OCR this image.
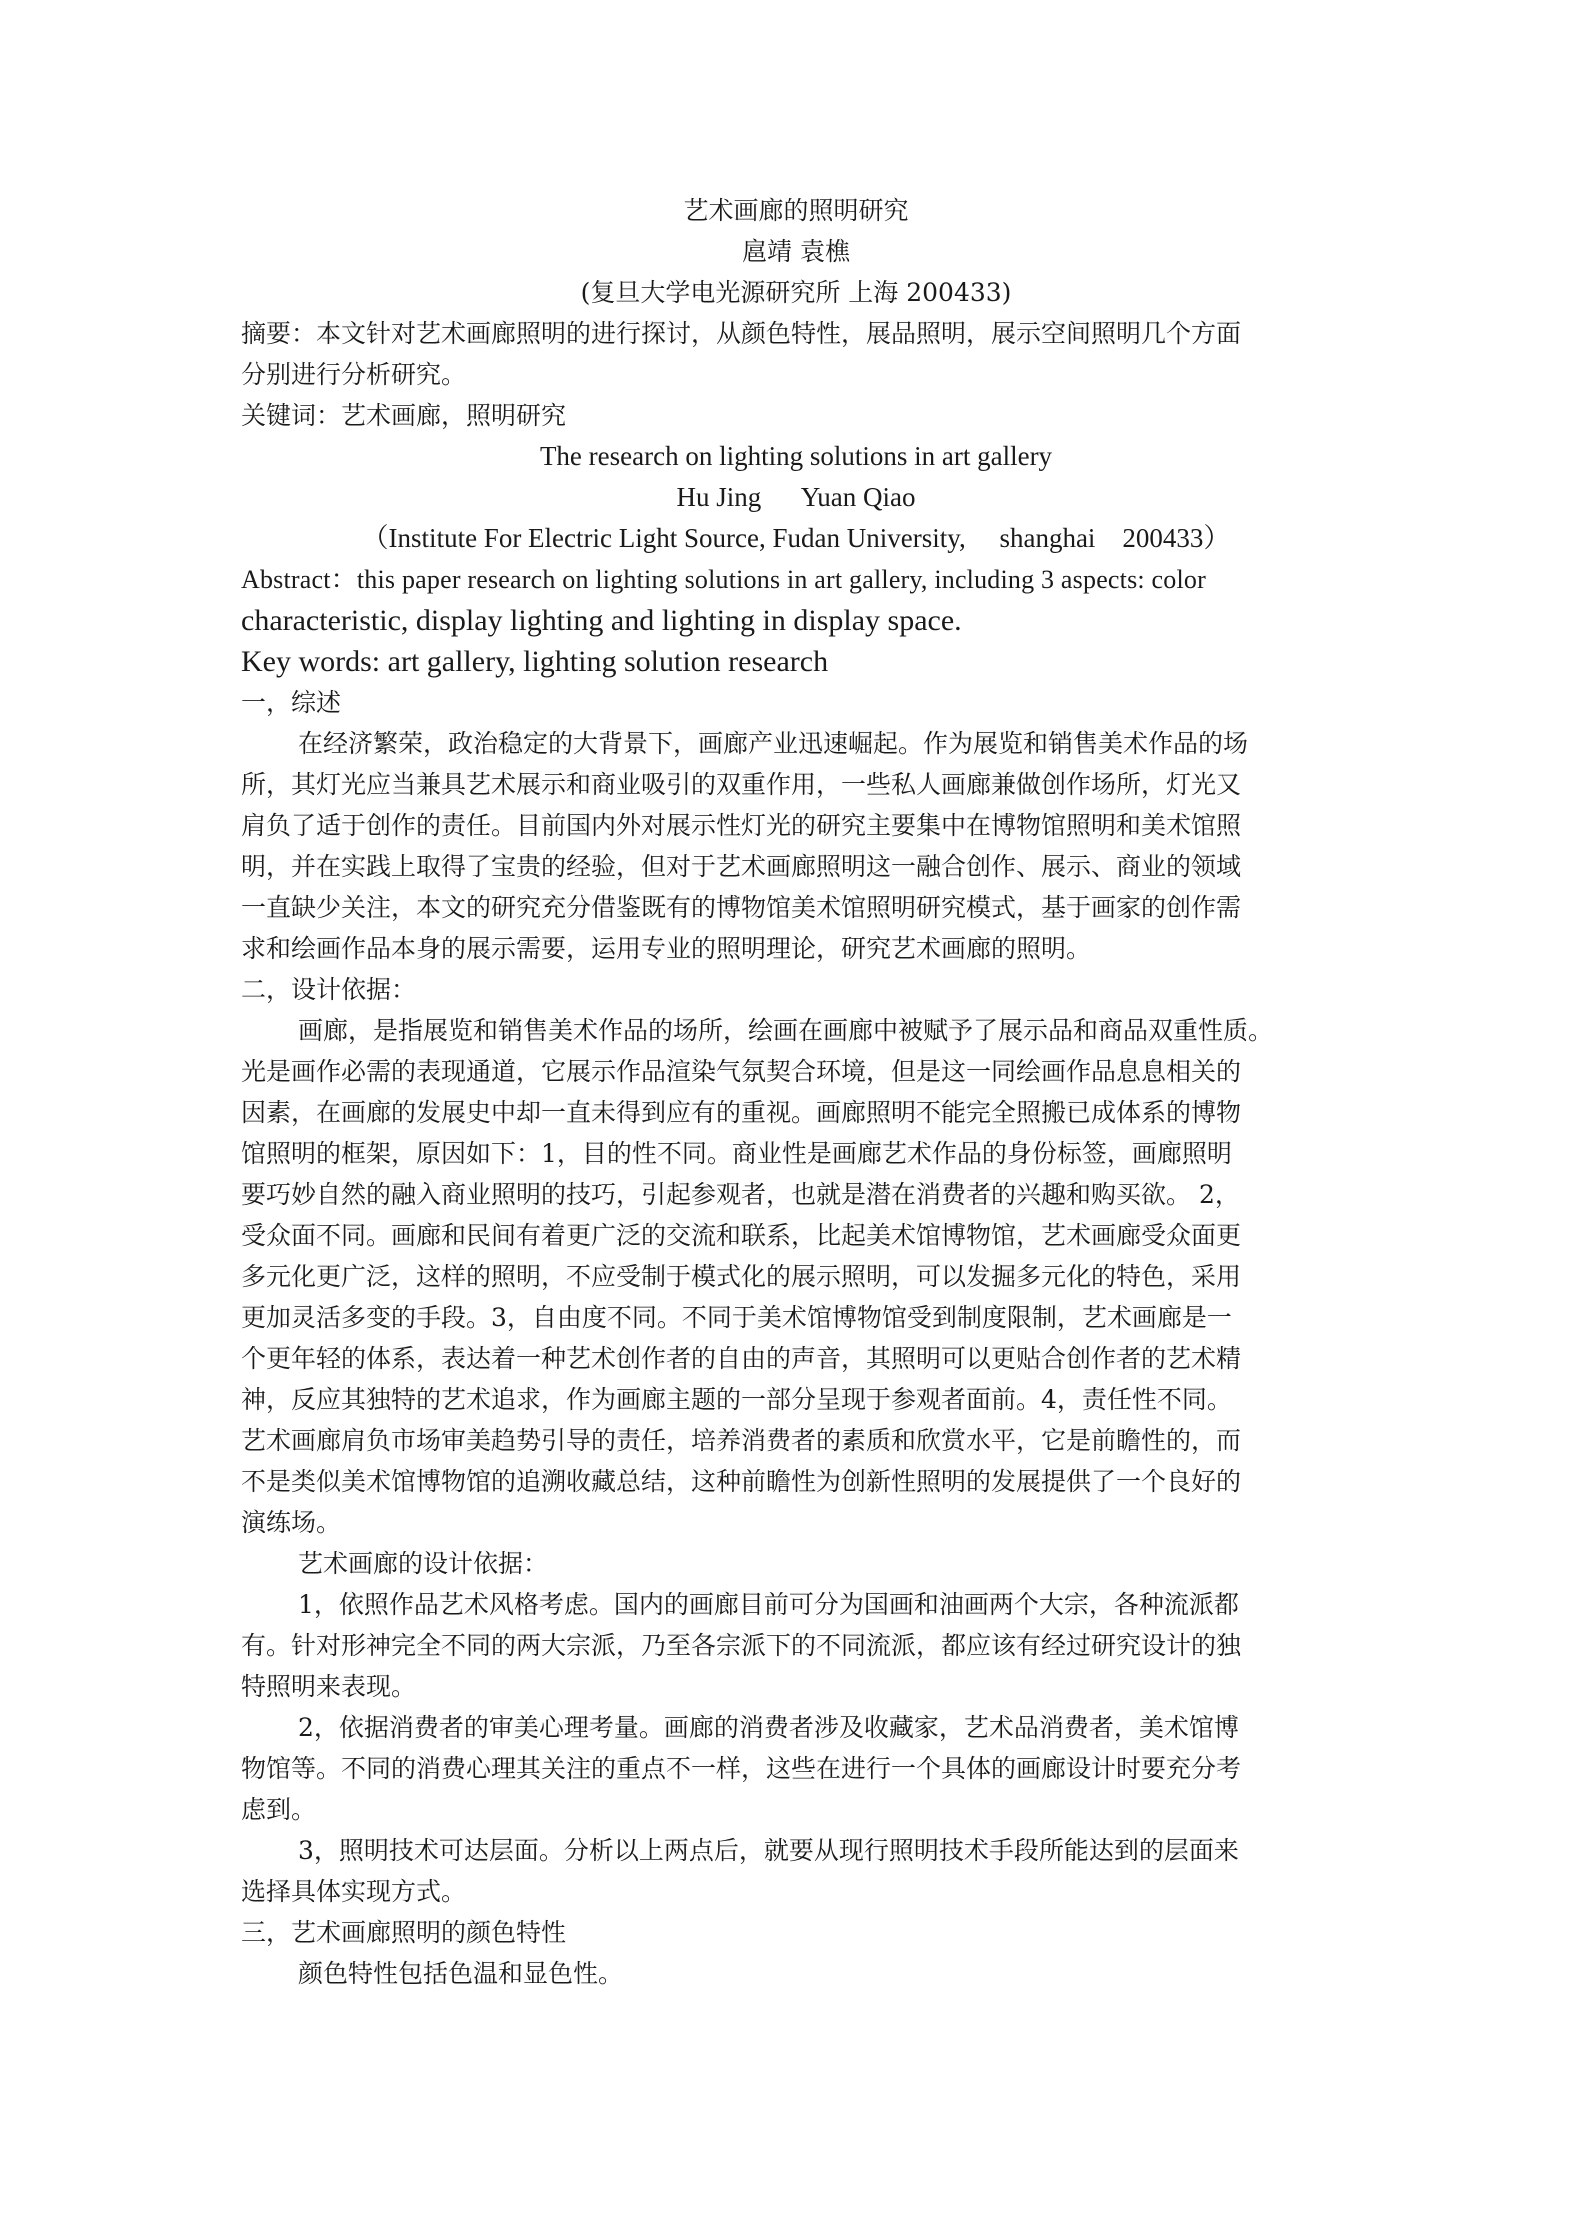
艺术画廊的照明研究
扈靖 袁樵
(复旦大学电光源研究所 上海 200433)
摘要：本文针对艺术画廊照明的进行探讨，从颜色特性，展品照明，展示空间照明几个方面
分别进行分析研究。
关键词：艺术画廊，照明研究
The research on lighting solutions in art gallery
Hu Jing      Yuan Qiao
（Institute For Electric Light Source, Fudan University,     shanghai    200433）
Abstract：this paper research on lighting solutions in art gallery, including 3 aspects: color
characteristic, display lighting and lighting in display space.
Key words: art gallery, lighting solution research
一，综述
在经济繁荣，政治稳定的大背景下，画廊产业迅速崛起。作为展览和销售美术作品的场
所，其灯光应当兼具艺术展示和商业吸引的双重作用，一些私人画廊兼做创作场所，灯光又
肩负了适于创作的责任。目前国内外对展示性灯光的研究主要集中在博物馆照明和美术馆照
明，并在实践上取得了宝贵的经验，但对于艺术画廊照明这一融合创作、展示、商业的领域
一直缺少关注，本文的研究充分借鉴既有的博物馆美术馆照明研究模式，基于画家的创作需
求和绘画作品本身的展示需要，运用专业的照明理论，研究艺术画廊的照明。
二，设计依据：
画廊，是指展览和销售美术作品的场所，绘画在画廊中被赋予了展示品和商品双重性质。
光是画作必需的表现通道，它展示作品渲染气氛契合环境，但是这一同绘画作品息息相关的
因素，在画廊的发展史中却一直未得到应有的重视。画廊照明不能完全照搬已成体系的博物
馆照明的框架，原因如下：1，目的性不同。商业性是画廊艺术作品的身份标签，画廊照明
要巧妙自然的融入商业照明的技巧，引起参观者，也就是潜在消费者的兴趣和购买欲。 2，
受众面不同。画廊和民间有着更广泛的交流和联系，比起美术馆博物馆，艺术画廊受众面更
多元化更广泛，这样的照明，不应受制于模式化的展示照明，可以发掘多元化的特色，采用
更加灵活多变的手段。3，自由度不同。不同于美术馆博物馆受到制度限制，艺术画廊是一
个更年轻的体系，表达着一种艺术创作者的自由的声音，其照明可以更贴合创作者的艺术精
神，反应其独特的艺术追求，作为画廊主题的一部分呈现于参观者面前。4，责任性不同。
艺术画廊肩负市场审美趋势引导的责任，培养消费者的素质和欣赏水平，它是前瞻性的，而
不是类似美术馆博物馆的追溯收藏总结，这种前瞻性为创新性照明的发展提供了一个良好的
演练场。
艺术画廊的设计依据：
1，依照作品艺术风格考虑。国内的画廊目前可分为国画和油画两个大宗，各种流派都
有。针对形神完全不同的两大宗派，乃至各宗派下的不同流派，都应该有经过研究设计的独
特照明来表现。
2，依据消费者的审美心理考量。画廊的消费者涉及收藏家，艺术品消费者，美术馆博
物馆等。不同的消费心理其关注的重点不一样，这些在进行一个具体的画廊设计时要充分考
虑到。
3，照明技术可达层面。分析以上两点后，就要从现行照明技术手段所能达到的层面来
选择具体实现方式。
三，艺术画廊照明的颜色特性
颜色特性包括色温和显色性。
